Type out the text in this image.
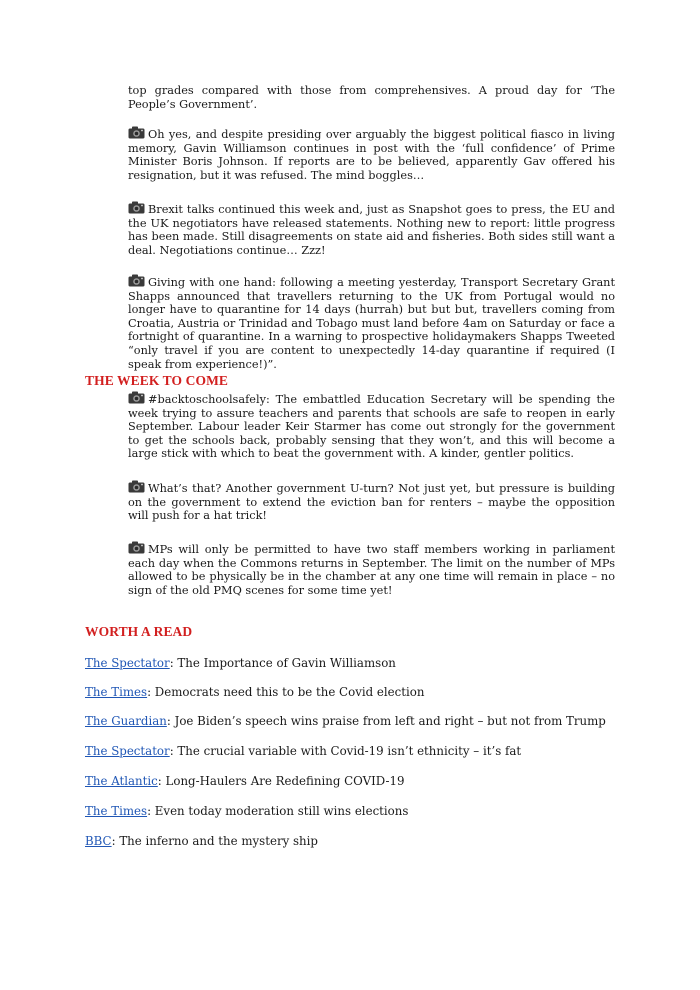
top grades compared with those from comprehensives. A proud day for ‘The People’s Government’.

Oh yes, and despite presiding over arguably the biggest political fiasco in living memory, Gavin Williamson continues in post with the ‘full confidence’ of Prime Minister Boris Johnson. If reports are to be believed, apparently Gav offered his resignation, but it was refused. The mind boggles…

Brexit talks continued this week and, just as Snapshot goes to press, the EU and the UK negotiators have released statements. Nothing new to report: little progress has been made. Still disagreements on state aid and fisheries. Both sides still want a deal. Negotiations continue… Zzz!

Giving with one hand: following a meeting yesterday, Transport Secretary Grant Shapps announced that travellers returning to the UK from Portugal would no longer have to quarantine for 14 days (hurrah) but but but, travellers coming from Croatia, Austria or Trinidad and Tobago must land before 4am on Saturday or face a fortnight of quarantine. In a warning to prospective holidaymakers Shapps Tweeted “only travel if you are content to unexpectedly 14-day quarantine if required (I speak from experience!)”.

THE WEEK TO COME

#backtoschoolsafely: The embattled Education Secretary will be spending the week trying to assure teachers and parents that schools are safe to reopen in early September. Labour leader Keir Starmer has come out strongly for the government to get the schools back, probably sensing that they won’t, and this will become a large stick with which to beat the government with. A kinder, gentler politics.

What’s that? Another government U-turn? Not just yet, but pressure is building on the government to extend the eviction ban for renters – maybe the opposition will push for a hat trick!

MPs will only be permitted to have two staff members working in parliament each day when the Commons returns in September. The limit on the number of MPs allowed to be physically be in the chamber at any one time will remain in place – no sign of the old PMQ scenes for some time yet!

WORTH A READ

The Spectator: The Importance of Gavin Williamson

The Times: Democrats need this to be the Covid election

The Guardian: Joe Biden’s speech wins praise from left and right – but not from Trump

The Spectator: The crucial variable with Covid-19 isn’t ethnicity – it’s fat

The Atlantic: Long-Haulers Are Redefining COVID-19

The Times: Even today moderation still wins elections

BBC: The inferno and the mystery ship
